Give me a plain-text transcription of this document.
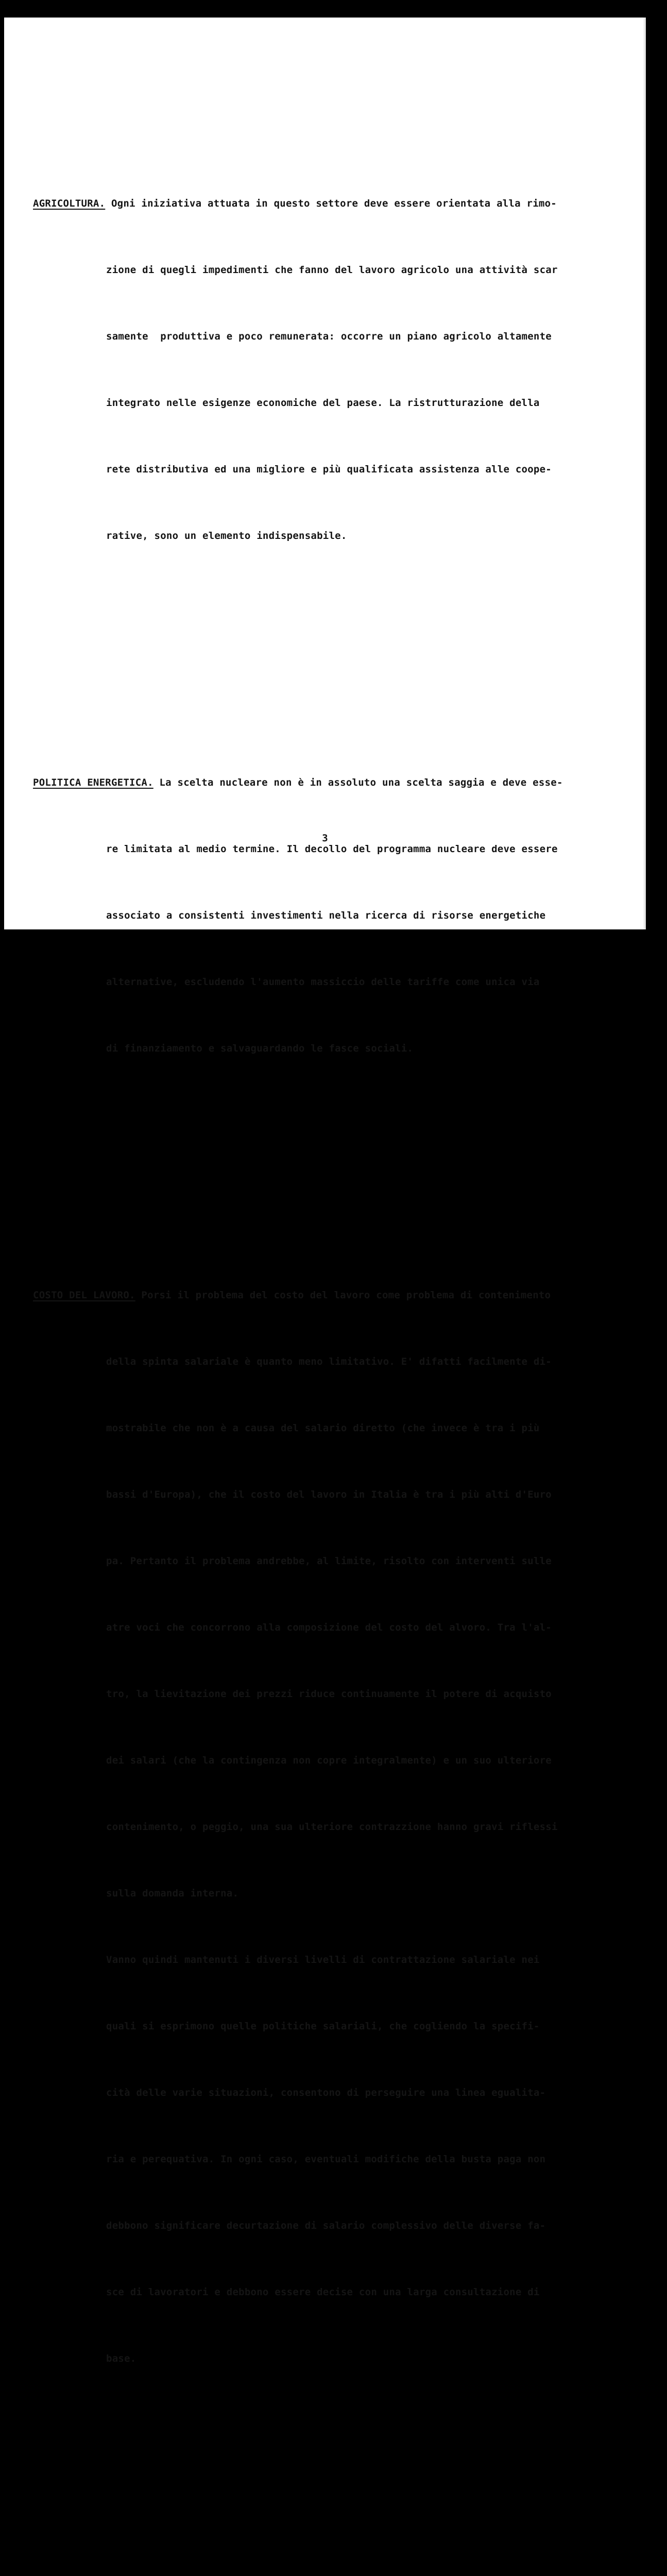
AGRICOLTURA. Ogni iniziativa attuata in questo settore deve essere orientata alla rimo-

zione di quegli impedimenti che fanno del lavoro agricolo una attività scar

samente  produttiva e poco remunerata: occorre un piano agricolo altamente

integrato nelle esigenze economiche del paese. La ristrutturazione della

rete distributiva ed una migliore e più qualificata assistenza alle coope-

rative, sono un elemento indispensabile.

POLITICA ENERGETICA. La scelta nucleare non è in assoluto una scelta saggia e deve esse-

re limitata al medio termine. Il decollo del programma nucleare deve essere

associato a consistenti investimenti nella ricerca di risorse energetiche

alternative, escludendo l'aumento massiccio delle tariffe come unica via

di finanziamento e salvaguardando le fasce sociali.

COSTO DEL LAVORO. Porsi il problema del costo del lavoro come problema di contenimento

della spinta salariale è quanto meno limitativo. E' difatti facilmente di-

mostrabile che non è a causa del salario diretto (che invece è tra i più

bassi d'Europa), che il costo del lavoro in Italia è tra i più alti d'Euro

pa. Pertanto il problema andrebbe, al limite, risolto con interventi sulle

atre voci che concorrono alla composizione del costo del alvoro. Tra l'al-

tro, la lievitazione dei prezzi riduce continuamente il potere di acquisto

dei salari (che la contingenza non copre integralmente) e un suo ulteriore

contenimento, o peggio, una sua ulteriore contrazzione hanno gravi riflessi

sulla domanda interna.

Vanno quindi mantenuti i diversi livelli di contrattazione salariale nei

quali si esprimono quelle politiche salariali, che cogliendo la specifi-

cità delle varie situazioni, consentono di perseguire una linea egualita-

ria e perequativa. In ogni caso, eventuali modifiche della busta paga non

debbono significare decurtazione di salario complessivo delle diverse fa-

sce di lavoratori e debbono essere decise con una larga consultazione di

base.

3
